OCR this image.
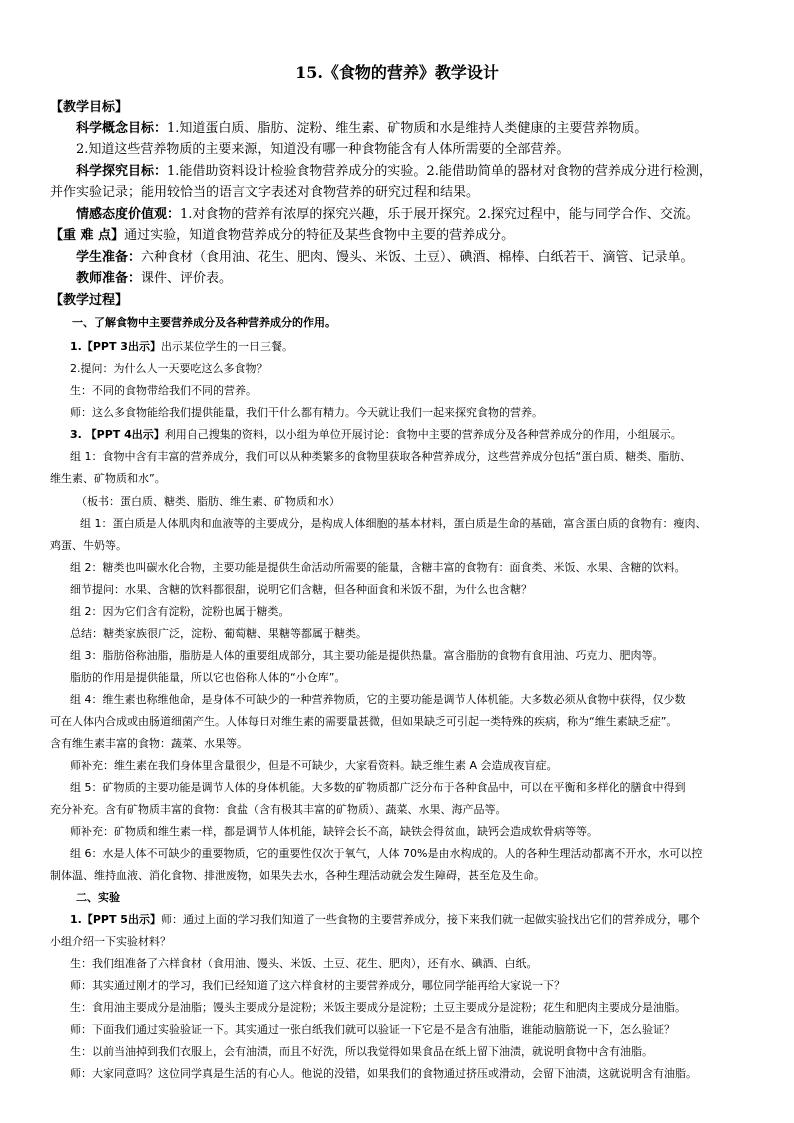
15.《食物的营养》教学设计
【教学目标】
科学概念目标：1.知道蛋白质、脂肪、淀粉、维生素、矿物质和水是维持人类健康的主要营养物质。
2.知道这些营养物质的主要来源，知道没有哪一种食物能含有人体所需要的全部营养。
科学探究目标：1.能借助资料设计检验食物营养成分的实验。2.能借助简单的器材对食物的营养成分进行检测，
并作实验记录；能用较恰当的语言文字表述对食物营养的研究过程和结果。
情感态度价值观：1.对食物的营养有浓厚的探究兴趣，乐于展开探究。2.探究过程中，能与同学合作、交流。
【重 难 点】通过实验，知道食物营养成分的特征及某些食物中主要的营养成分。
学生准备：六种食材（食用油、花生、肥肉、馒头、米饭、土豆）、碘酒、棉棒、白纸若干、滴管、记录单。
教师准备：课件、评价表。
【教学过程】
一、了解食物中主要营养成分及各种营养成分的作用。
1.【PPT 3出示】出示某位学生的一日三餐。
2.提问：为什么人一天要吃这么多食物？
生：不同的食物带给我们不同的营养。
师：这么多食物能给我们提供能量，我们干什么都有精力。今天就让我们一起来探究食物的营养。
3. 【PPT 4出示】利用自己搜集的资料，以小组为单位开展讨论：食物中主要的营养成分及各种营养成分的作用，小组展示。
组 1：食物中含有丰富的营养成分，我们可以从种类繁多的食物里获取各种营养成分，这些营养成分包括“蛋白质、糖类、脂肪、
维生素、矿物质和水”。
（板书：蛋白质、糖类、脂肪、维生素、矿物质和水）
组 1：蛋白质是人体肌肉和血液等的主要成分，是构成人体细胞的基本材料，蛋白质是生命的基础，富含蛋白质的食物有：瘦肉、
鸡蛋、牛奶等。
组 2：糖类也叫碳水化合物，主要功能是提供生命活动所需要的能量，含糖丰富的食物有：面食类、米饭、水果、含糖的饮料。
细节提问：水果、含糖的饮料都很甜，说明它们含糖，但各种面食和米饭不甜，为什么也含糖？
组 2：因为它们含有淀粉，淀粉也属于糖类。
总结：糖类家族很广泛，淀粉、葡萄糖、果糖等都属于糖类。
组 3：脂肪俗称油脂，脂肪是人体的重要组成部分，其主要功能是提供热量。富含脂肪的食物有食用油、巧克力、肥肉等。
脂肪的作用是提供能量，所以它也俗称人体的“小仓库”。
组 4：维生素也称维他命，是身体不可缺少的一种营养物质，它的主要功能是调节人体机能。大多数必须从食物中获得，仅少数
可在人体内合成或由肠道细菌产生。人体每日对维生素的需要量甚微，但如果缺乏可引起一类特殊的疾病，称为“维生素缺乏症”。
含有维生素丰富的食物：蔬菜、水果等。
师补充：维生素在我们身体里含量很少，但是不可缺少，大家看资料。缺乏维生素 A 会造成夜盲症。
组 5：矿物质的主要功能是调节人体的身体机能。大多数的矿物质都广泛分布于各种食品中，可以在平衡和多样化的膳食中得到
充分补充。含有矿物质丰富的食物：食盐（含有极其丰富的矿物质）、蔬菜、水果、海产品等。
师补充：矿物质和维生素一样，都是调节人体机能，缺锌会长不高，缺铁会得贫血，缺钙会造成软骨病等等。
组 6：水是人体不可缺少的重要物质，它的重要性仅次于氧气，人体 70%是由水构成的。人的各种生理活动都离不开水，水可以控
制体温、维持血液、消化食物、排泄废物，如果失去水，各种生理活动就会发生障碍，甚至危及生命。
二、实验
1.【PPT 5出示】师：通过上面的学习我们知道了一些食物的主要营养成分，接下来我们就一起做实验找出它们的营养成分，哪个
小组介绍一下实验材料？
生：我们组准备了六样食材（食用油、馒头、米饭、土豆、花生、肥肉），还有水、碘酒、白纸。
师：其实通过刚才的学习，我们已经知道了这六样食材的主要营养成分，哪位同学能再给大家说一下？
生：食用油主要成分是油脂；馒头主要成分是淀粉；米饭主要成分是淀粉；土豆主要成分是淀粉；花生和肥肉主要成分是油脂。
师：下面我们通过实验验证一下。其实通过一张白纸我们就可以验证一下它是不是含有油脂，谁能动脑筋说一下，怎么验证？
生：以前当油掉到我们衣服上，会有油渍，而且不好洗，所以我觉得如果食品在纸上留下油渍，就说明食物中含有油脂。
师：大家同意吗？这位同学真是生活的有心人。他说的没错，如果我们的食物通过挤压或滑动，会留下油渍，这就说明含有油脂。
